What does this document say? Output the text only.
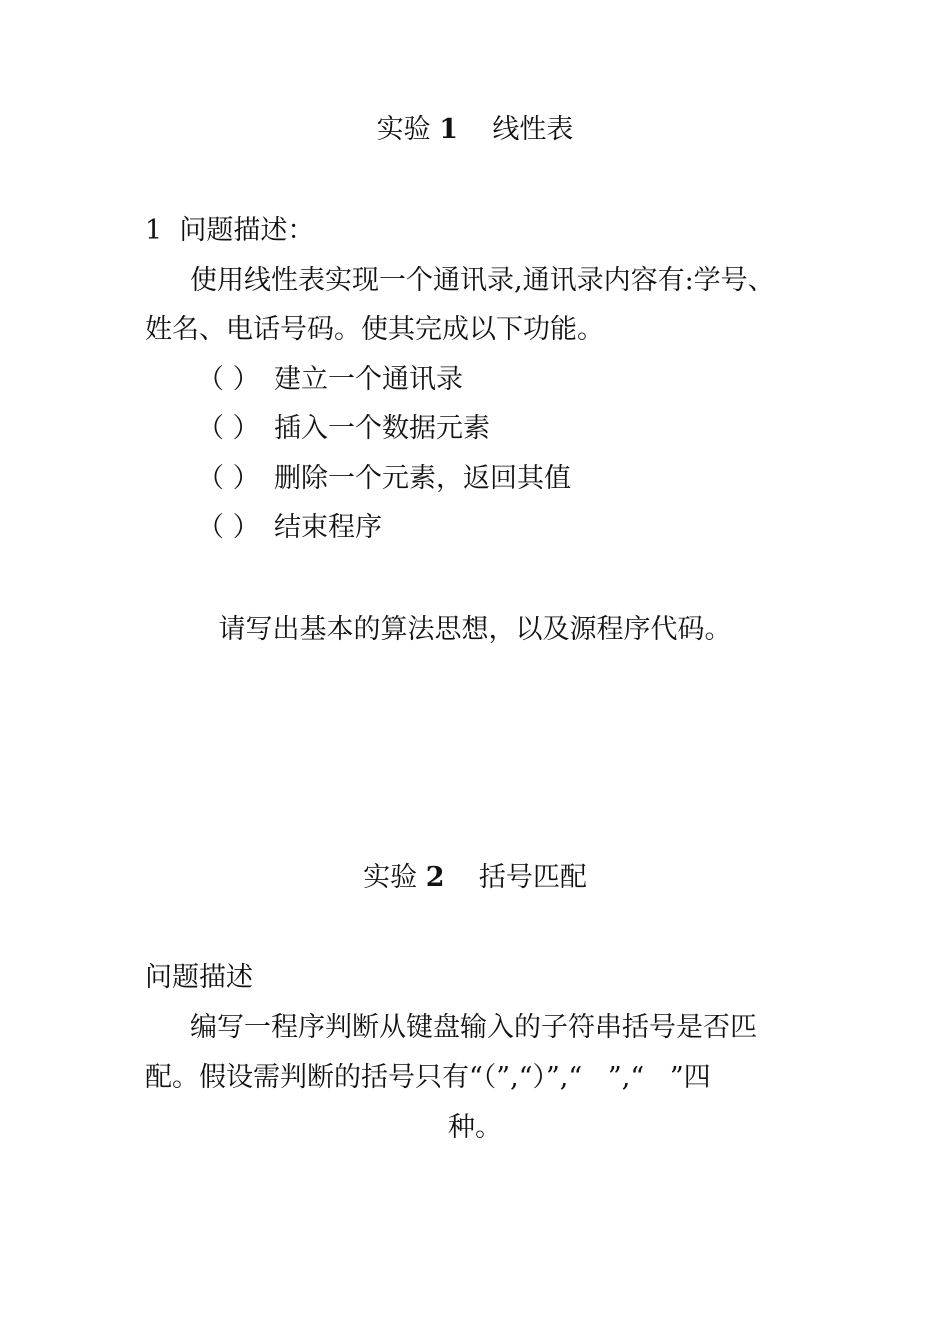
实验 1 线性表
1  问题描述：
使用线性表实现一个通讯录,通讯录内容有:学号、
姓名、电话号码。使其完成以下功能。
（ ） 建立一个通讯录
（ ） 插入一个数据元素
（ ） 删除一个元素，返回其值
（ ） 结束程序
请写出基本的算法思想，以及源程序代码。
实验 2 括号匹配
问题描述
编写一程序判断从键盘输入的子符串括号是否匹
配。假设需判断的括号只有“（”,“）”,“   ”,“   ”四
种。
